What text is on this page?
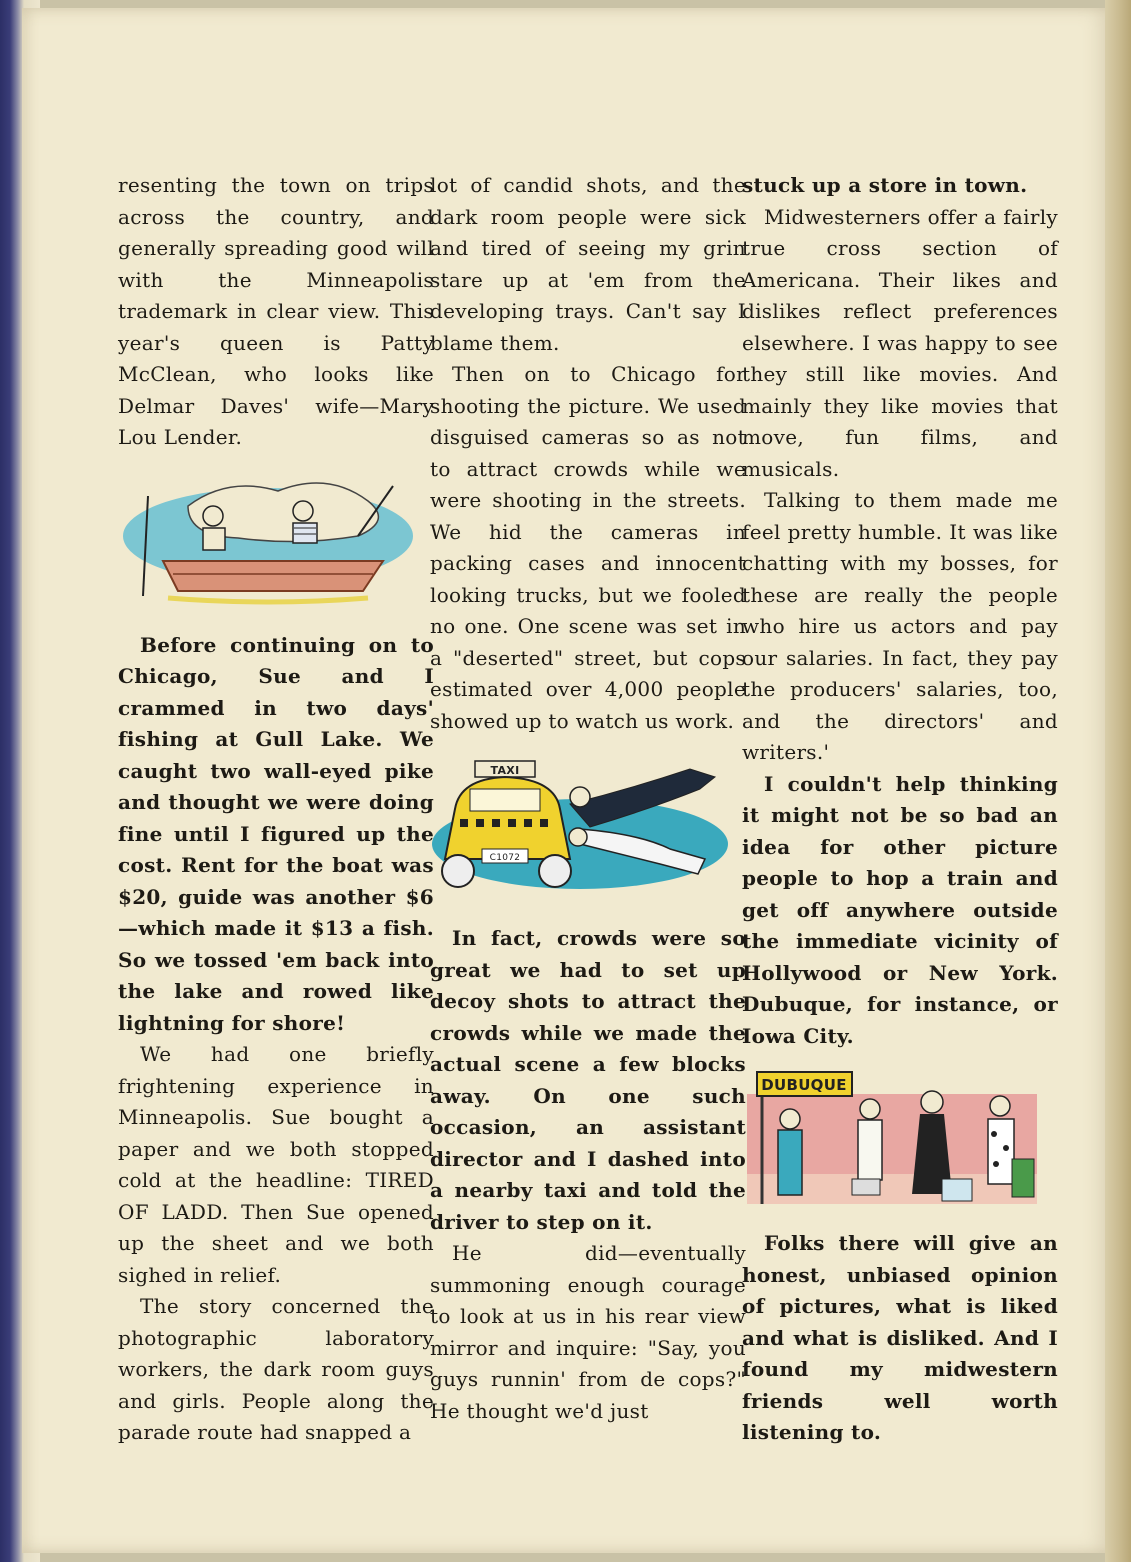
resenting the town on trips across the country, and generally spreading good will with the Minneapolis trademark in clear view. This year's queen is Patty McClean, who looks like Delmar Daves' wife—Mary Lou Lender.

Before continuing on to Chicago, Sue and I crammed in two days' fishing at Gull Lake. We caught two wall-eyed pike and thought we were doing fine until I figured up the cost. Rent for the boat was $20, guide was another $6—which made it $13 a fish. So we tossed 'em back into the lake and rowed like lightning for shore!

We had one briefly frightening experience in Minneapolis. Sue bought a paper and we both stopped cold at the headline: TIRED OF LADD. Then Sue opened up the sheet and we both sighed in relief.

The story concerned the photographic laboratory workers, the dark room guys and girls. People along the parade route had snapped a

lot of candid shots, and the dark room people were sick and tired of seeing my grin stare up at 'em from the developing trays. Can't say I blame them.

Then on to Chicago for shooting the picture. We used disguised cameras so as not to attract crowds while we were shooting in the streets. We hid the cameras in packing cases and innocent looking trucks, but we fooled no one. One scene was set in a "deserted" street, but cops estimated over 4,000 people showed up to watch us work.

TAXI
C1072

In fact, crowds were so great we had to set up decoy shots to attract the crowds while we made the actual scene a few blocks away. On one such occasion, an assistant director and I dashed into a nearby taxi and told the driver to step on it.

He did—eventually summoning enough courage to look at us in his rear view mirror and inquire: "Say, you guys runnin' from de cops?" He thought we'd just

stuck up a store in town.

Midwesterners offer a fairly true cross section of Americana. Their likes and dislikes reflect preferences elsewhere. I was happy to see they still like movies. And mainly they like movies that move, fun films, and musicals.

Talking to them made me feel pretty humble. It was like chatting with my bosses, for these are really the people who hire us actors and pay our salaries. In fact, they pay the producers' salaries, too, and the directors' and writers.'

I couldn't help thinking it might not be so bad an idea for other picture people to hop a train and get off anywhere outside the immediate vicinity of Hollywood or New York. Dubuque, for instance, or Iowa City.

DUBUQUE

Folks there will give an honest, unbiased opinion of pictures, what is liked and what is disliked. And I found my midwestern friends well worth listening to.
